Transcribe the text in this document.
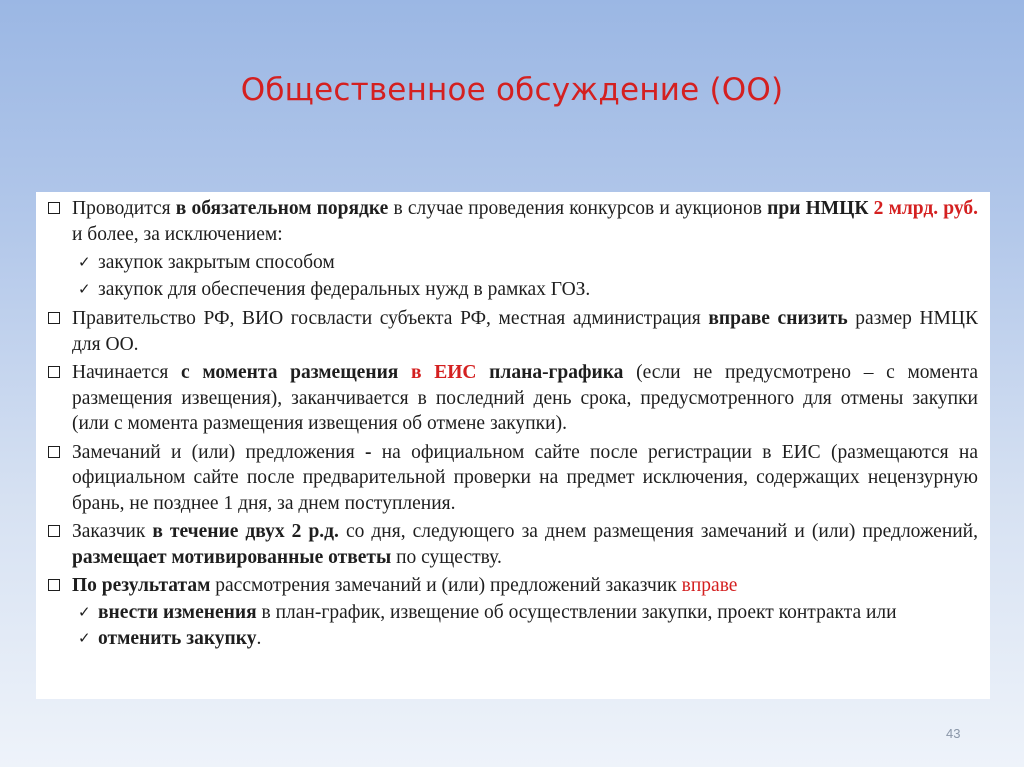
Общественное обсуждение (ОО)
Проводится в обязательном порядке в случае проведения конкурсов и аукционов при НМЦК 2 млрд. руб. и более, за исключением:
✓ закупок закрытым способом
✓ закупок для обеспечения федеральных нужд в рамках ГОЗ.
Правительство РФ, ВИО госвласти субъекта РФ, местная администрация вправе снизить размер НМЦК для ОО.
Начинается с момента размещения в ЕИС плана-графика (если не предусмотрено – с момента размещения извещения), заканчивается в последний день срока, предусмотренного для отмены закупки (или с момента размещения извещения об отмене закупки).
Замечаний и (или) предложения - на официальном сайте после регистрации в ЕИС (размещаются на официальном сайте после предварительной проверки на предмет исключения, содержащих нецензурную брань, не позднее 1 дня, за днем поступления.
Заказчик в течение двух 2 р.д. со дня, следующего за днем размещения замечаний и (или) предложений, размещает мотивированные ответы по существу.
По результатам рассмотрения замечаний и (или) предложений заказчик вправе
✓ внести изменения в план-график, извещение об осуществлении закупки, проект контракта или
✓ отменить закупку.
43
